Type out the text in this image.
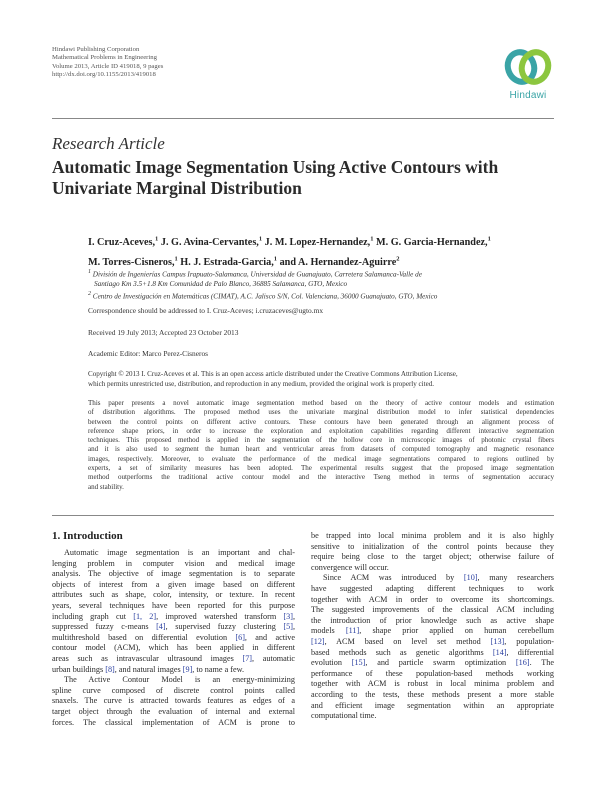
Hindawi Publishing Corporation
Mathematical Problems in Engineering
Volume 2013, Article ID 419018, 9 pages
http://dx.doi.org/10.1155/2013/419018
Hindawi
Research Article
Automatic Image Segmentation Using Active Contours with
Univariate Marginal Distribution
I. Cruz-Aceves,$^1$ J. G. Avina-Cervantes,$^1$ J. M. Lopez-Hernandez,$^1$ M. G. Garcia-Hernandez,$^1$
M. Torres-Cisneros,$^1$ H. J. Estrada-Garcia,$^1$ and A. Hernandez-Aguirre$^2$
$^1$ División de Ingenierías Campus Irapuato-Salamanca, Universidad de Guanajuato, Carretera Salamanca-Valle de
Santiago Km 3.5+1.8 Km Comunidad de Palo Blanco, 36885 Salamanca, GTO, Mexico
$^2$ Centro de Investigación en Matemáticas (CIMAT), A.C. Jalisco S/N, Col. Valenciana, 36000 Guanajuato, GTO, Mexico
Correspondence should be addressed to I. Cruz-Aceves; i.cruzaceves@ugto.mx
Received 19 July 2013; Accepted 23 October 2013
Academic Editor: Marco Perez-Cisneros
Copyright © 2013 I. Cruz-Aceves et al. This is an open access article distributed under the Creative Commons Attribution License,
which permits unrestricted use, distribution, and reproduction in any medium, provided the original work is properly cited.
This paper presents a novel automatic image segmentation method based on the theory of active contour models and estimation
of distribution algorithms. The proposed method uses the univariate marginal distribution model to infer statistical dependencies
between the control points on different active contours. These contours have been generated through an alignment process of
reference shape priors, in order to increase the exploration and exploitation capabilities regarding different interactive segmentation
techniques. This proposed method is applied in the segmentation of the hollow core in microscopic images of photonic crystal fibers
and it is also used to segment the human heart and ventricular areas from datasets of computed tomography and magnetic resonance
images, respectively. Moreover, to evaluate the performance of the medical image segmentations compared to regions outlined by
experts, a set of similarity measures has been adopted. The experimental results suggest that the proposed image segmentation
method outperforms the traditional active contour model and the interactive Tseng method in terms of segmentation accuracy
and stability.
1. Introduction
Automatic image segmentation is an important and chal-
lenging problem in computer vision and medical image
analysis. The objective of image segmentation is to separate
objects of interest from a given image based on different
attributes such as shape, color, intensity, or texture. In recent
years, several techniques have been reported for this purpose
including graph cut [1, 2], improved watershed transform [3],
suppressed fuzzy c-means [4], supervised fuzzy clustering [5],
multithreshold based on differential evolution [6], and active
contour model (ACM), which has been applied in different
areas such as intravascular ultrasound images [7], automatic
urban buildings [8], and natural images [9], to name a few.
The Active Contour Model is an energy-minimizing
spline curve composed of discrete control points called
snaxels. The curve is attracted towards features as edges of a
target object through the evaluation of internal and external
forces. The classical implementation of ACM is prone to
be trapped into local minima problem and it is also highly
sensitive to initialization of the control points because they
require being close to the target object; otherwise failure of
convergence will occur.
Since ACM was introduced by [10], many researchers
have suggested adapting different techniques to work
together with ACM in order to overcome its shortcomings.
The suggested improvements of the classical ACM including
the introduction of prior knowledge such as active shape
models [11], shape prior applied on human cerebellum
[12], ACM based on level set method [13], population-
based methods such as genetic algorithms [14], differential
evolution [15], and particle swarm optimization [16]. The
performance of these population-based methods working
together with ACM is robust in local minima problem and
according to the tests, these methods present a more stable
and efficient image segmentation within an appropriate
computational time.
